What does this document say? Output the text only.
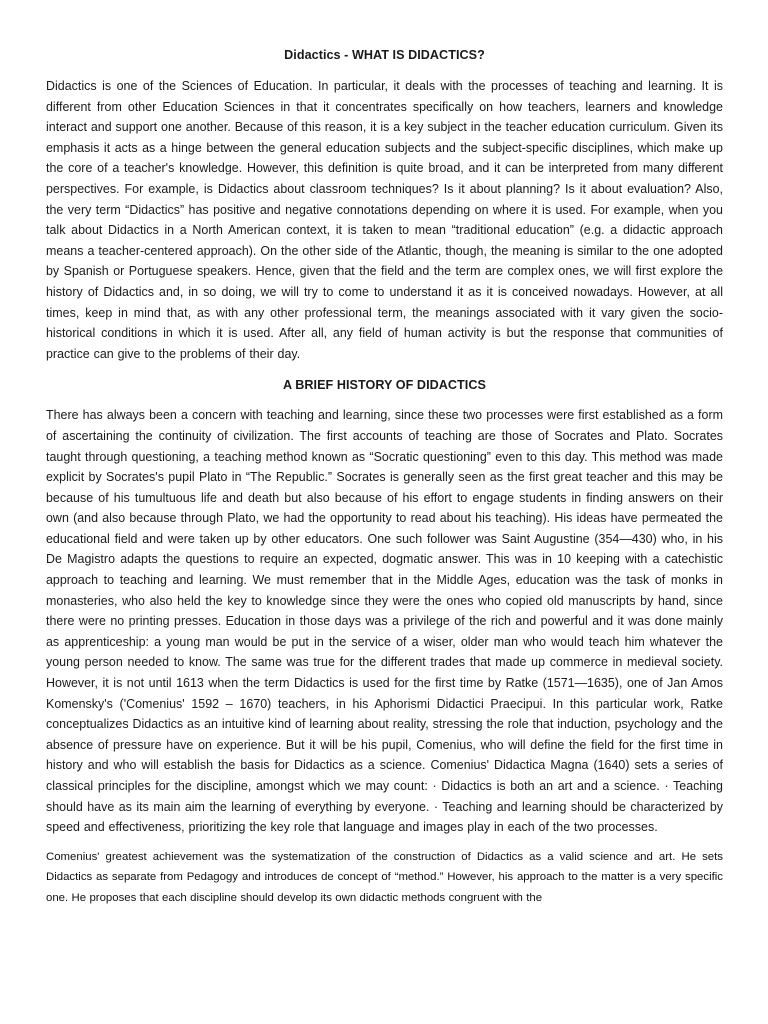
Didactics - WHAT IS DIDACTICS?

Didactics is one of the Sciences of Education. In particular, it deals with the processes of teaching and learning. It is different from other Education Sciences in that it concentrates specifically on how teachers, learners and knowledge interact and support one another. Because of this reason, it is a key subject in the teacher education curriculum. Given its emphasis it acts as a hinge between the general education subjects and the subject-specific disciplines, which make up the core of a teacher's knowledge. However, this definition is quite broad, and it can be interpreted from many different perspectives. For example, is Didactics about classroom techniques? Is it about planning? Is it about evaluation? Also, the very term “Didactics” has positive and negative connotations depending on where it is used. For example, when you talk about Didactics in a North American context, it is taken to mean “traditional education” (e.g. a didactic approach means a teacher-centered approach). On the other side of the Atlantic, though, the meaning is similar to the one adopted by Spanish or Portuguese speakers. Hence, given that the field and the term are complex ones, we will first explore the history of Didactics and, in so doing, we will try to come to understand it as it is conceived nowadays. However, at all times, keep in mind that, as with any other professional term, the meanings associated with it vary given the socio-historical conditions in which it is used. After all, any field of human activity is but the response that communities of practice can give to the problems of their day.

A BRIEF HISTORY OF DIDACTICS

There has always been a concern with teaching and learning, since these two processes were first established as a form of ascertaining the continuity of civilization. The first accounts of teaching are those of Socrates and Plato. Socrates taught through questioning, a teaching method known as “Socratic questioning” even to this day. This method was made explicit by Socrates's pupil Plato in “The Republic.” Socrates is generally seen as the first great teacher and this may be because of his tumultuous life and death but also because of his effort to engage students in finding answers on their own (and also because through Plato, we had the opportunity to read about his teaching). His ideas have permeated the educational field and were taken up by other educators. One such follower was Saint Augustine (354—430) who, in his De Magistro adapts the questions to require an expected, dogmatic answer. This was in 10 keeping with a catechistic approach to teaching and learning. We must remember that in the Middle Ages, education was the task of monks in monasteries, who also held the key to knowledge since they were the ones who copied old manuscripts by hand, since there were no printing presses. Education in those days was a privilege of the rich and powerful and it was done mainly as apprenticeship: a young man would be put in the service of a wiser, older man who would teach him whatever the young person needed to know. The same was true for the different trades that made up commerce in medieval society. However, it is not until 1613 when the term Didactics is used for the first time by Ratke (1571—1635), one of Jan Amos Komensky's ('Comenius' 1592 – 1670) teachers, in his Aphorismi Didactici Praecipui. In this particular work, Ratke conceptualizes Didactics as an intuitive kind of learning about reality, stressing the role that induction, psychology and the absence of pressure have on experience. But it will be his pupil, Comenius, who will define the field for the first time in history and who will establish the basis for Didactics as a science. Comenius' Didactica Magna (1640) sets a series of classical principles for the discipline, amongst which we may count: · Didactics is both an art and a science. · Teaching should have as its main aim the learning of everything by everyone. · Teaching and learning should be characterized by speed and effectiveness, prioritizing the key role that language and images play in each of the two processes.

Comenius' greatest achievement was the systematization of the construction of Didactics as a valid science and art. He sets Didactics as separate from Pedagogy and introduces de concept of “method.” However, his approach to the matter is a very specific one. He proposes that each discipline should develop its own didactic methods congruent with the
